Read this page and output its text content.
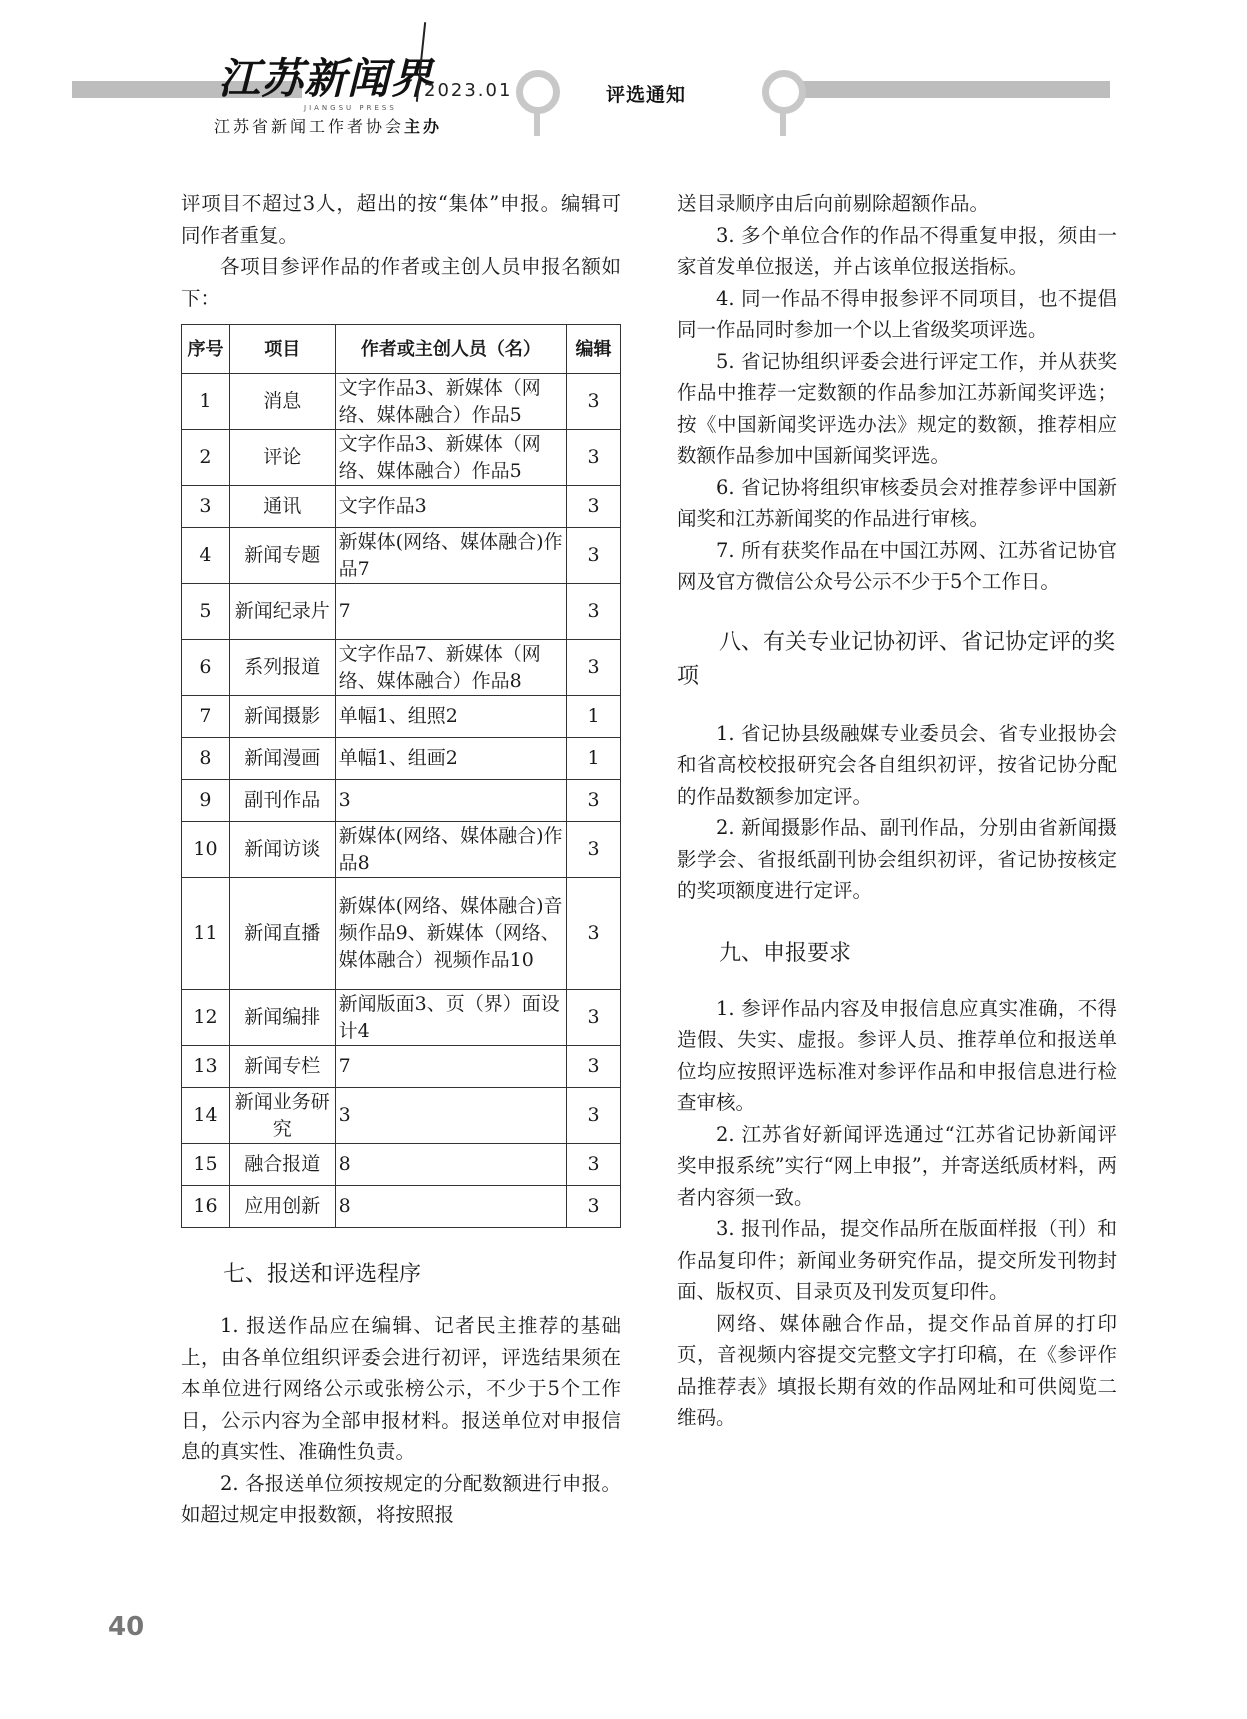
江苏新闻界
JIANGSU PRESS
2023.01
江苏省新闻工作者协会主办
评选通知

评项目不超过3人，超出的按“集体”申报。编辑可同作者重复。

各项目参评作品的作者或主创人员申报名额如下：

序号	项目	作者或主创人员（名）	编辑
1	消息	文字作品3、新媒体（网络、媒体融合）作品5	3
2	评论	文字作品3、新媒体（网络、媒体融合）作品5	3
3	通讯	文字作品3	3
4	新闻专题	新媒体(网络、媒体融合)作品7	3
5	新闻纪录片	7	3
6	系列报道	文字作品7、新媒体（网络、媒体融合）作品8	3
7	新闻摄影	单幅1、组照2	1
8	新闻漫画	单幅1、组画2	1
9	副刊作品	3	3
10	新闻访谈	新媒体(网络、媒体融合)作品8	3
11	新闻直播	新媒体(网络、媒体融合)音频作品9、新媒体（网络、媒体融合）视频作品10	3
12	新闻编排	新闻版面3、页（界）面设计4	3
13	新闻专栏	7	3
14	新闻业务研究	3	3
15	融合报道	8	3
16	应用创新	8	3
七、报送和评选程序

1. 报送作品应在编辑、记者民主推荐的基础上，由各单位组织评委会进行初评，评选结果须在本单位进行网络公示或张榜公示，不少于5个工作日，公示内容为全部申报材料。报送单位对申报信息的真实性、准确性负责。

2. 各报送单位须按规定的分配数额进行申报。如超过规定申报数额，将按照报

送目录顺序由后向前剔除超额作品。

3. 多个单位合作的作品不得重复申报，须由一家首发单位报送，并占该单位报送指标。

4. 同一作品不得申报参评不同项目，也不提倡同一作品同时参加一个以上省级奖项评选。

5. 省记协组织评委会进行评定工作，并从获奖作品中推荐一定数额的作品参加江苏新闻奖评选；按《中国新闻奖评选办法》规定的数额，推荐相应数额作品参加中国新闻奖评选。

6. 省记协将组织审核委员会对推荐参评中国新闻奖和江苏新闻奖的作品进行审核。

7. 所有获奖作品在中国江苏网、江苏省记协官网及官方微信公众号公示不少于5个工作日。

八、有关专业记协初评、省记协定评的奖项

1. 省记协县级融媒专业委员会、省专业报协会和省高校校报研究会各自组织初评，按省记协分配的作品数额参加定评。

2. 新闻摄影作品、副刊作品，分别由省新闻摄影学会、省报纸副刊协会组织初评，省记协按核定的奖项额度进行定评。

九、申报要求

1. 参评作品内容及申报信息应真实准确，不得造假、失实、虚报。参评人员、推荐单位和报送单位均应按照评选标准对参评作品和申报信息进行检查审核。

2. 江苏省好新闻评选通过“江苏省记协新闻评奖申报系统”实行“网上申报”，并寄送纸质材料，两者内容须一致。

3. 报刊作品，提交作品所在版面样报（刊）和作品复印件；新闻业务研究作品，提交所发刊物封面、版权页、目录页及刊发页复印件。

网络、媒体融合作品，提交作品首屏的打印页，音视频内容提交完整文字打印稿，在《参评作品推荐表》填报长期有效的作品网址和可供阅览二维码。

40
